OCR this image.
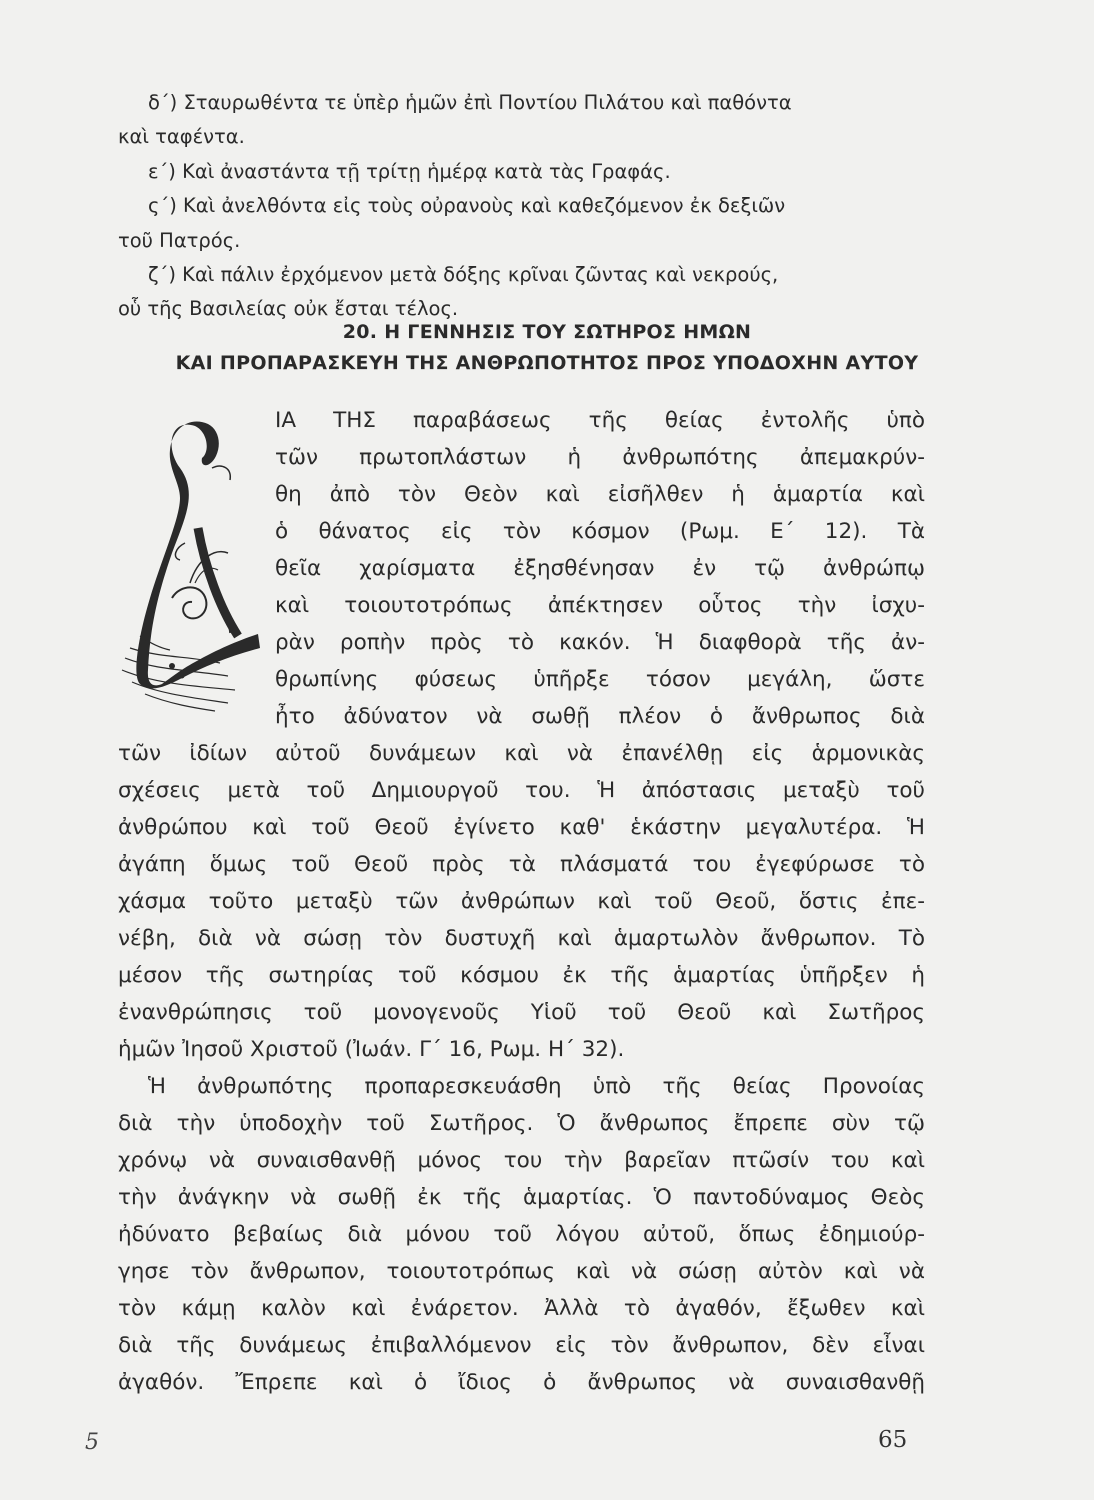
δ΄) Σταυρωθέντα τε ὑπὲρ ἡμῶν ἐπὶ Ποντίου Πιλάτου καὶ παθόντα

καὶ ταφέντα.

ε΄) Καὶ ἀναστάντα τῇ τρίτῃ ἡμέρᾳ κατὰ τὰς Γραφάς.

ς΄) Καὶ ἀνελθόντα εἰς τοὺς οὐρανοὺς καὶ καθεζόμενον ἐκ δεξιῶν

τοῦ Πατρός.

ζ΄) Καὶ πάλιν ἐρχόμενον μετὰ δόξης κρῖναι ζῶντας καὶ νεκρούς,

οὗ τῆς Βασιλείας οὐκ ἔσται τέλος.

20. Η ΓΕΝΝΗΣΙΣ ΤΟΥ ΣΩΤΗΡΟΣ ΗΜΩΝ
ΚΑΙ ΠΡΟΠΑΡΑΣΚΕΥΗ ΤΗΣ ΑΝΘΡΩΠΟΤΗΤΟΣ ΠΡΟΣ ΥΠΟΔΟΧΗΝ ΑΥΤΟΥ
ΙΑ ΤΗΣ παραβάσεως τῆς θείας ἐντολῆς ὑπὸ
τῶν πρωτοπλάστων ἡ ἀνθρωπότης ἀπεμακρύν-
θη ἀπὸ τὸν Θεὸν καὶ εἰσῆλθεν ἡ ἁμαρτία καὶ
ὁ θάνατος εἰς τὸν κόσμον (Ρωμ. Ε΄ 12). Τὰ
θεῖα χαρίσματα ἐξησθένησαν ἐν τῷ ἀνθρώπῳ
καὶ τοιουτοτρόπως ἀπέκτησεν οὗτος τὴν ἰσχυ-
ρὰν ροπὴν πρὸς τὸ κακόν. Ἡ διαφθορὰ τῆς ἀν-
θρωπίνης φύσεως ὑπῆρξε τόσον μεγάλη, ὥστε
ἦτο ἀδύνατον νὰ σωθῇ πλέον ὁ ἄνθρωπος διὰ
τῶν ἰδίων αὐτοῦ δυνάμεων καὶ νὰ ἐπανέλθῃ εἰς ἁρμονικὰς
σχέσεις μετὰ τοῦ Δημιουργοῦ του. Ἡ ἀπόστασις μεταξὺ τοῦ
ἀνθρώπου καὶ τοῦ Θεοῦ ἐγίνετο καθ' ἑκάστην μεγαλυτέρα. Ἡ
ἀγάπη ὅμως τοῦ Θεοῦ πρὸς τὰ πλάσματά του ἐγεφύρωσε τὸ
χάσμα τοῦτο μεταξὺ τῶν ἀνθρώπων καὶ τοῦ Θεοῦ, ὅστις ἐπε-
νέβη, διὰ νὰ σώσῃ τὸν δυστυχῆ καὶ ἁμαρτωλὸν ἄνθρωπον. Τὸ
μέσον τῆς σωτηρίας τοῦ κόσμου ἐκ τῆς ἁμαρτίας ὑπῆρξεν ἡ
ἐνανθρώπησις τοῦ μονογενοῦς Υἱοῦ τοῦ Θεοῦ καὶ Σωτῆρος
ἡμῶν Ἰησοῦ Χριστοῦ (Ἰωάν. Γ΄ 16, Ρωμ. Η΄ 32).
Ἡ ἀνθρωπότης προπαρεσκευάσθη ὑπὸ τῆς θείας Προνοίας
διὰ τὴν ὑποδοχὴν τοῦ Σωτῆρος. Ὁ ἄνθρωπος ἔπρεπε σὺν τῷ
χρόνῳ νὰ συναισθανθῇ μόνος του τὴν βαρεῖαν πτῶσίν του καὶ
τὴν ἀνάγκην νὰ σωθῇ ἐκ τῆς ἁμαρτίας. Ὁ παντοδύναμος Θεὸς
ἠδύνατο βεβαίως διὰ μόνου τοῦ λόγου αὐτοῦ, ὅπως ἐδημιούρ-
γησε τὸν ἄνθρωπον, τοιουτοτρόπως καὶ νὰ σώσῃ αὐτὸν καὶ νὰ
τὸν κάμῃ καλὸν καὶ ἐνάρετον. Ἀλλὰ τὸ ἀγαθόν, ἔξωθεν καὶ
διὰ τῆς δυνάμεως ἐπιβαλλόμενον εἰς τὸν ἄνθρωπον, δὲν εἶναι
ἀγαθόν. Ἔπρεπε καὶ ὁ ἴδιος ὁ ἄνθρωπος νὰ συναισθανθῇ
5	65
